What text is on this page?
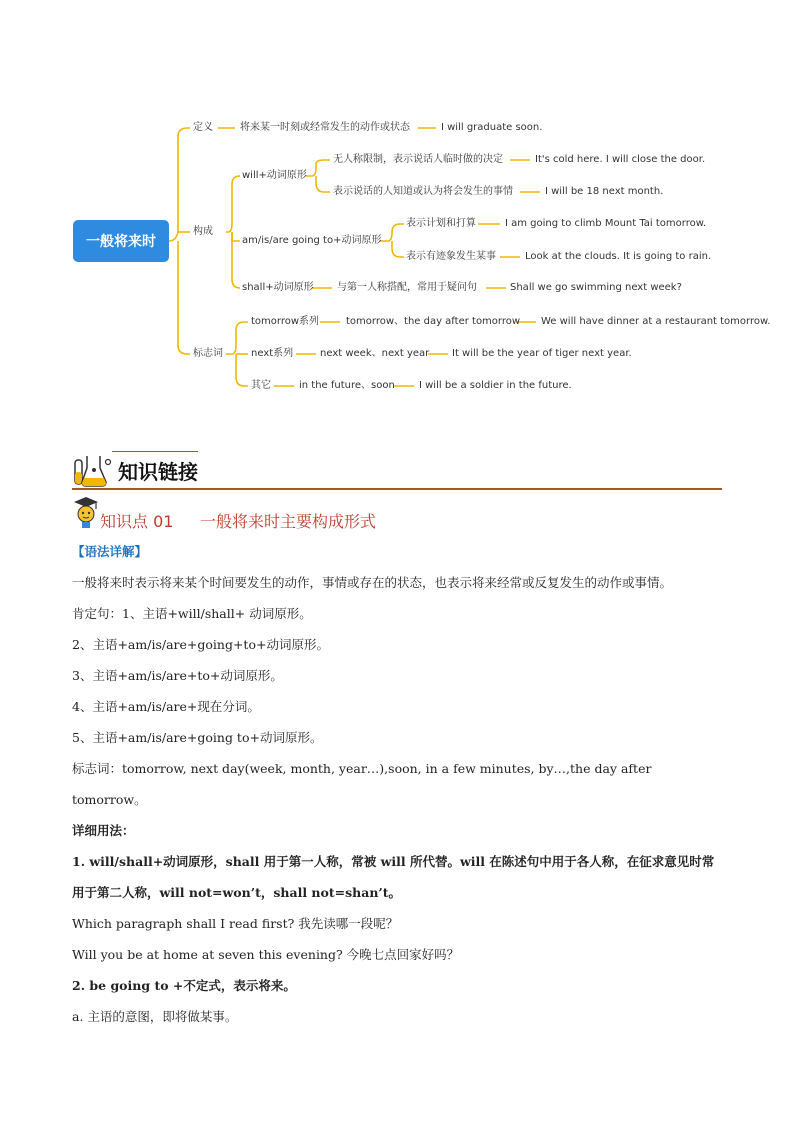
一般将来时
定义	将来某一时刻或经常发生的动作或状态	I will graduate soon.
构成
will+动词原形
无人称限制，表示说话人临时做的决定	It's cold here. I will close the door.
表示说话的人知道或认为将会发生的事情	I will be 18 next month.
am/is/are going to+动词原形
表示计划和打算	I am going to climb Mount Tai tomorrow.
表示有迹象发生某事	Look at the clouds. It is going to rain.
shall+动词原形 与第一人称搭配，常用于疑问句	Shall we go swimming next week?
标志词
tomorrow系列	tomorrow、the day after tomorrow We will have dinner at a restaurant tomorrow.
next系列	next week、next year It will be the year of tiger next year.
其它	in the future、soon I will be a soldier in the future.
知识链接
知识点 01 一般将来时主要构成形式

【语法详解】

一般将来时表示将来某个时间要发生的动作，事情或存在的状态，也表示将来经常或反复发生的动作或事情。

肯定句：1、主语+will/shall+ 动词原形。

2、主语+am/is/are+going+to+动词原形。

3、主语+am/is/are+to+动词原形。

4、主语+am/is/are+现在分词。

5、主语+am/is/are+going to+动词原形。

标志词：tomorrow, next day(week, month, year…),soon, in a few minutes, by…,the day after tomorrow。

详细用法：

1. will/shall+动词原形，shall 用于第一人称，常被 will 所代替。will 在陈述句中用于各人称，在征求意见时常用于第二人称，will not=won’t，shall not=shan’t。

Which paragraph shall I read first? 我先读哪一段呢？

Will you be at home at seven this evening? 今晚七点回家好吗？

2. be going to +不定式，表示将来。

a. 主语的意图，即将做某事。
